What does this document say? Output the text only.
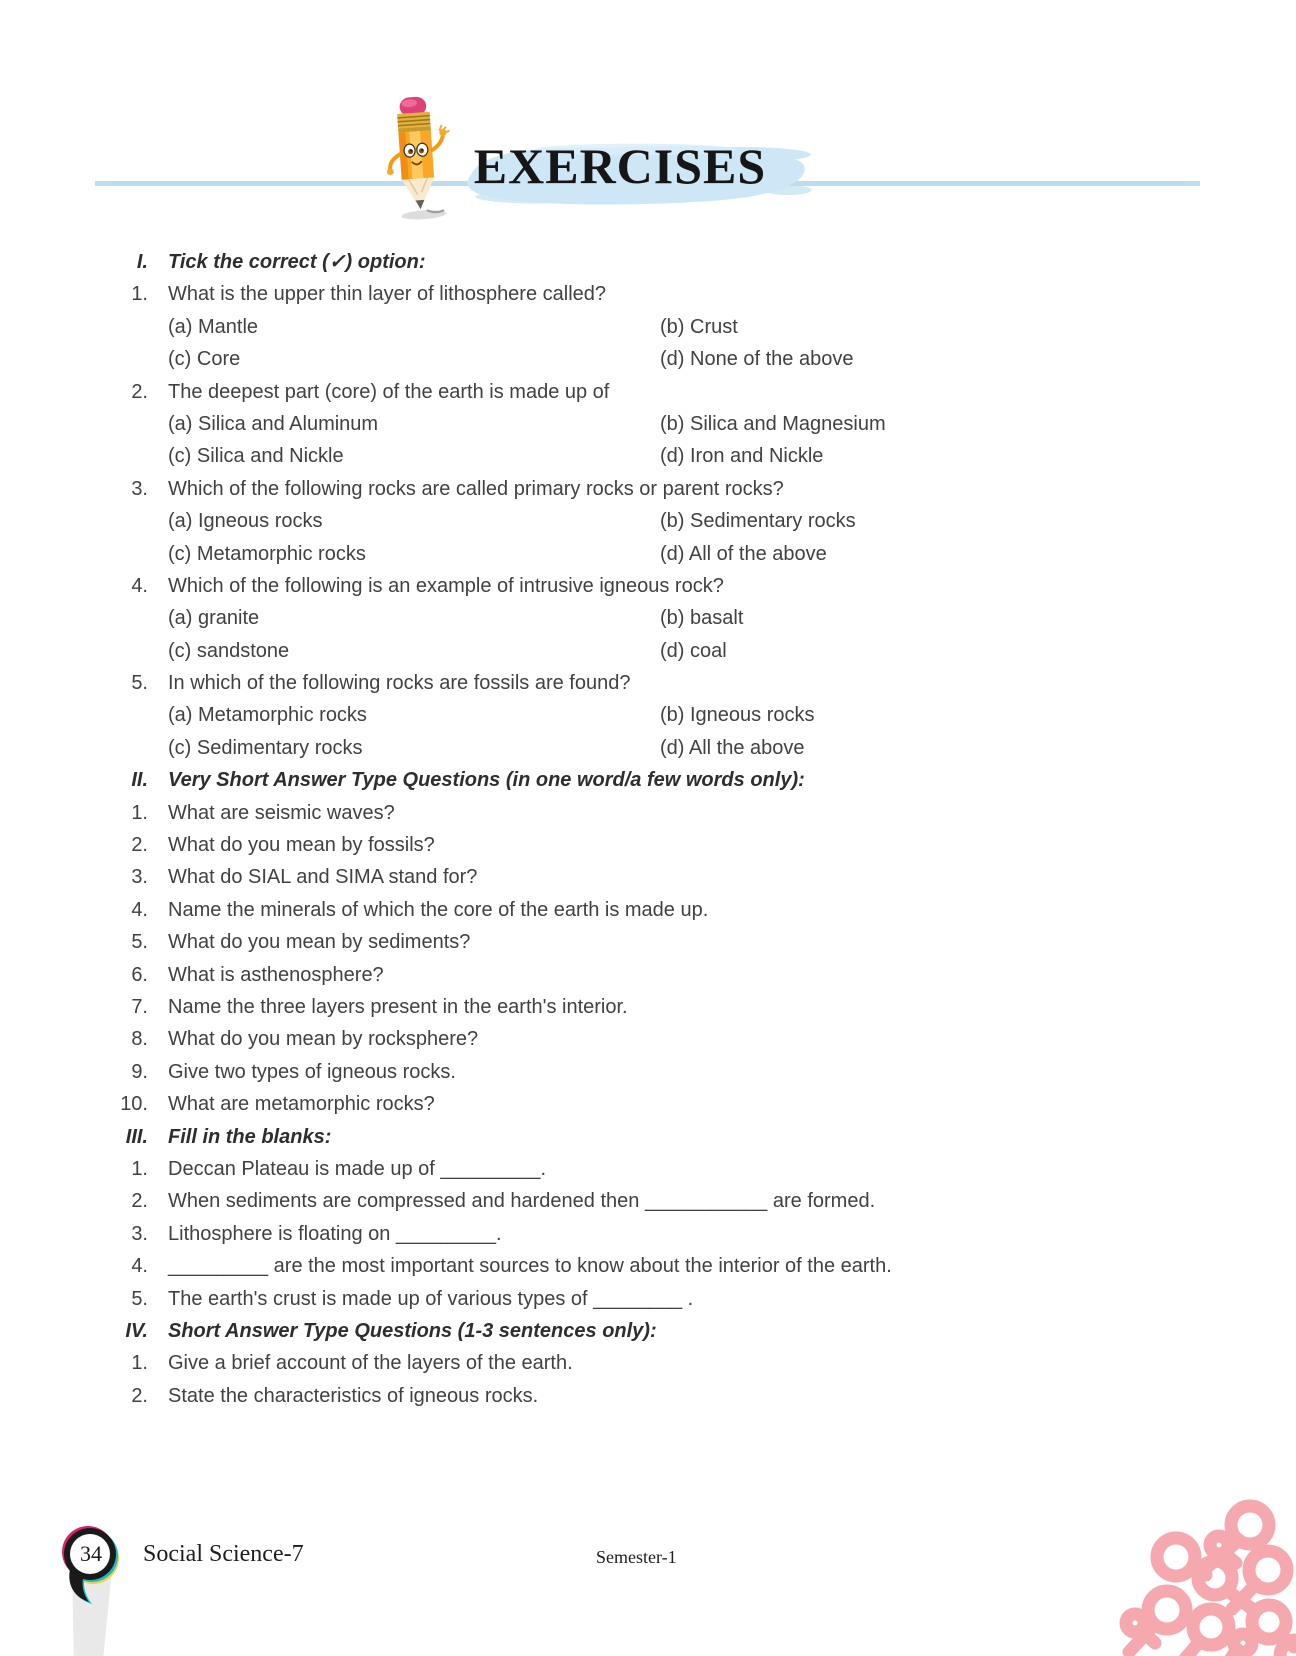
EXERCISES
I.	Tick the correct (✓) option:
1.	What is the upper thin layer of lithosphere called?
(a) Mantle	(b) Crust
(c) Core	(d) None of the above
2.	The deepest part (core) of the earth is made up of
(a) Silica and Aluminum	(b) Silica and Magnesium
(c) Silica and Nickle	(d) Iron and Nickle
3.	Which of the following rocks are called primary rocks or parent rocks?
(a) Igneous rocks	(b) Sedimentary rocks
(c) Metamorphic rocks	(d) All of the above
4.	Which of the following is an example of intrusive igneous rock?
(a) granite	(b) basalt
(c) sandstone	(d) coal
5.	In which of the following rocks are fossils are found?
(a) Metamorphic rocks	(b) Igneous rocks
(c) Sedimentary rocks	(d) All the above
II.	Very Short Answer Type Questions (in one word/a few words only):
1.	What are seismic waves?
2.	What do you mean by fossils?
3.	What do SIAL and SIMA stand for?
4.	Name the minerals of which the core of the earth is made up.
5.	What do you mean by sediments?
6.	What is asthenosphere?
7.	Name the three layers present in the earth's interior.
8.	What do you mean by rocksphere?
9.	Give two types of igneous rocks.
10.	What are metamorphic rocks?
III.	Fill in the blanks:
1.	Deccan Plateau is made up of _________.
2.	When sediments are compressed and hardened then ___________ are formed.
3.	Lithosphere is floating on _________.
4.	_________ are the most important sources to know about the interior of the earth.
5.	The earth's crust is made up of various types of ________ .
IV.	Short Answer Type Questions (1-3 sentences only):
1.	Give a brief account of the layers of the earth.
2.	State the characteristics of igneous rocks.
34	Social Science-7	Semester-1
